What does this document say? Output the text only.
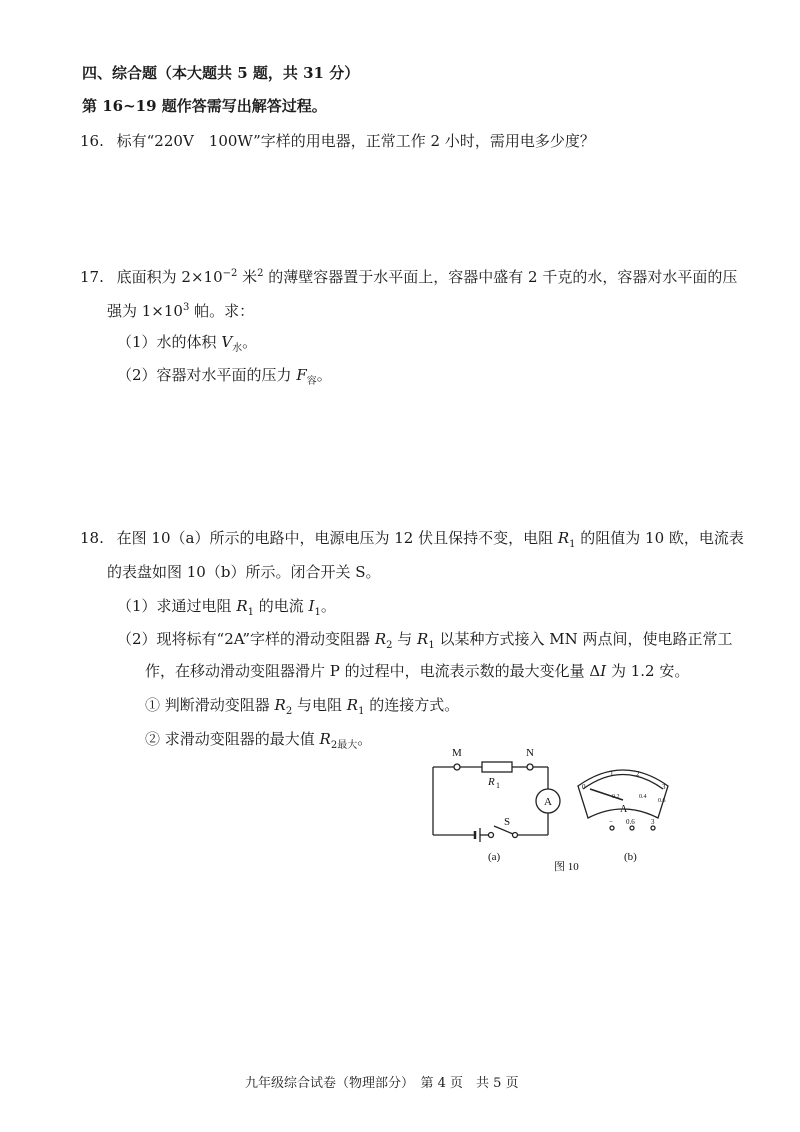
四、综合题（本大题共 5 题，共 31 分）
第 16~19 题作答需写出解答过程。
16. 标有“220V　100W”字样的用电器，正常工作 2 小时，需用电多少度？
17. 底面积为 $2\times 10^{-2}$ 米$^2$ 的薄壁容器置于水平面上，容器中盛有 2 千克的水，容器对水平面的压
强为 $1\times 10^3$ 帕。求：
（1）水的体积 $V_水$。
（2）容器对水平面的压力 $F_容$。
18. 在图 10（a）所示的电路中，电源电压为 12 伏且保持不变，电阻 $R_1$ 的阻值为 10 欧，电流表
的表盘如图 10（b）所示。闭合开关 S。
（1）求通过电阻 $R_1$ 的电流 $I_1$。
（2）现将标有“2A”字样的滑动变阻器 $R_2$ 与 $R_1$ 以某种方式接入 MN 两点间，使电路正常工
作，在移动滑动变阻器滑片 P 的过程中，电流表示数的最大变化量 ΔI 为 1.2 安。
① 判断滑动变阻器 $R_2$ 与电阻 $R_1$ 的连接方式。
② 求滑动变阻器的最大值 $R_{2最大}$。
M	N
R 1
A
S
(a)
图 10
(b)
0
1	2
3
0.2	0.4
0.6
A
− 0.6 3
九年级综合试卷（物理部分）　第 4 页　共 5 页
